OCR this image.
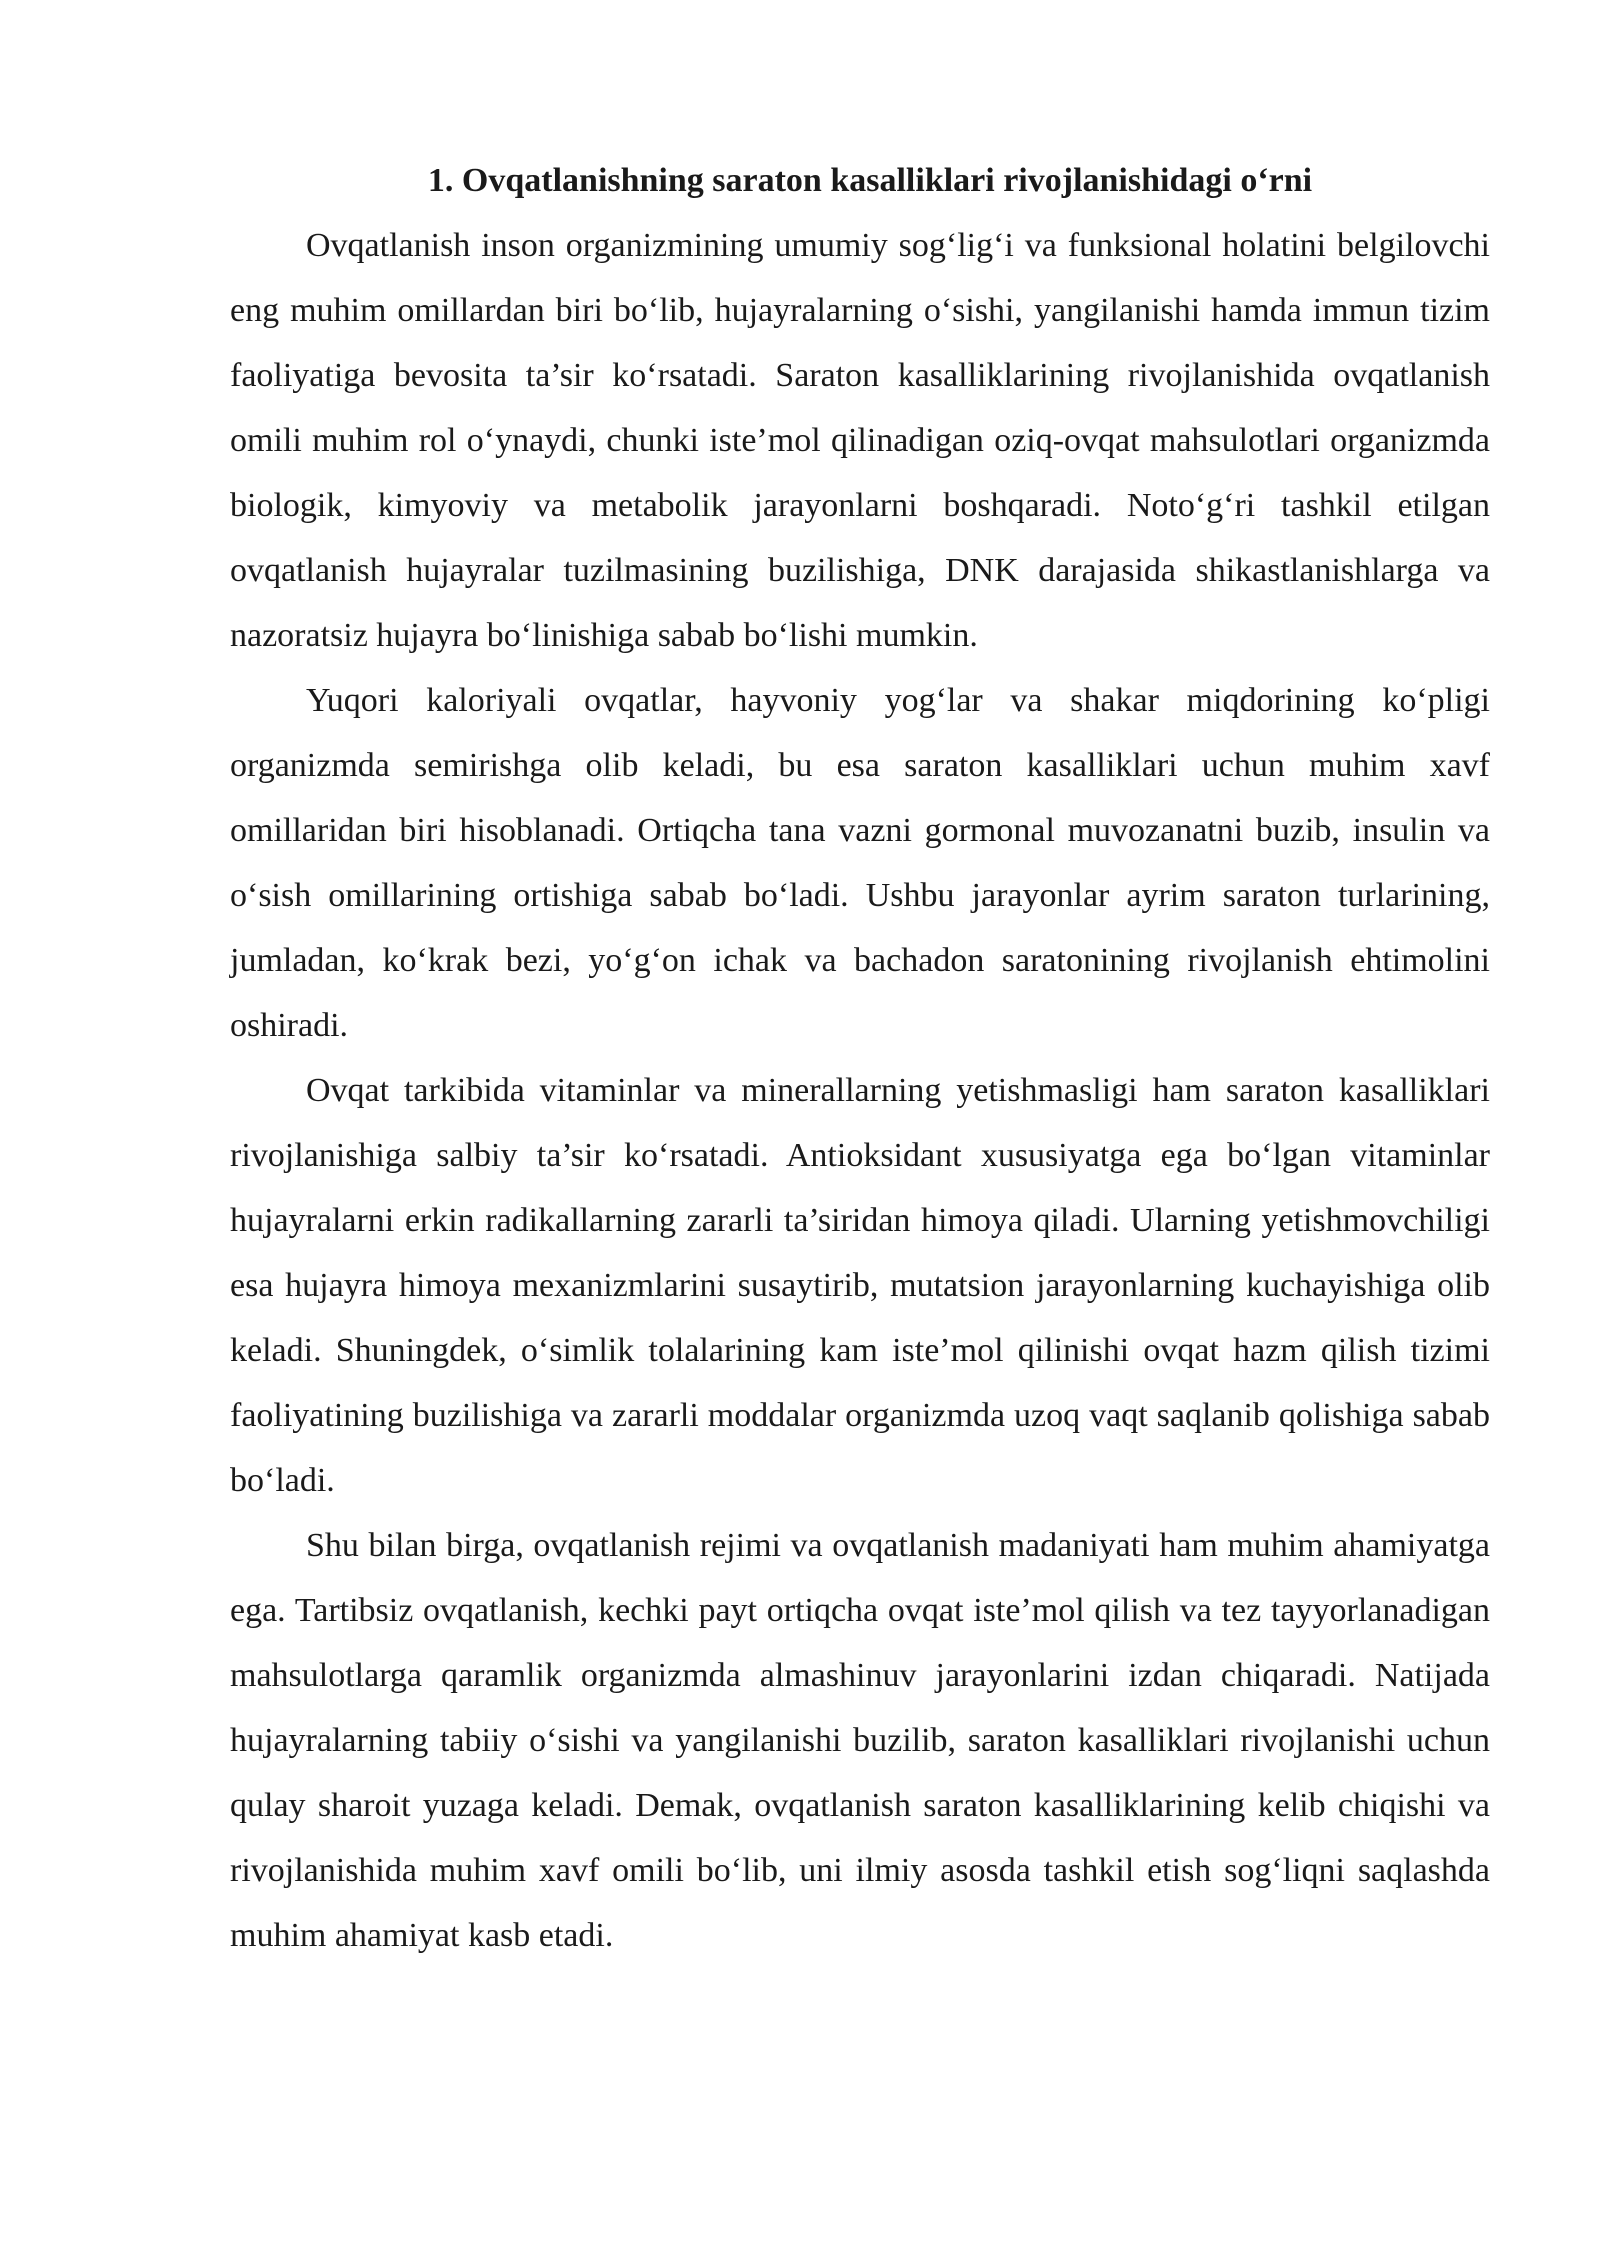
1. Ovqatlanishning saraton kasalliklari rivojlanishidagi o‘rni

Ovqatlanish inson organizmining umumiy sog‘lig‘i va funksional holatini belgilovchi eng muhim omillardan biri bo‘lib, hujayralarning o‘sishi, yangilanishi hamda immun tizim faoliyatiga bevosita ta’sir ko‘rsatadi. Saraton kasalliklarining rivojlanishida ovqatlanish omili muhim rol o‘ynaydi, chunki iste’mol qilinadigan oziq-ovqat mahsulotlari organizmda biologik, kimyoviy va metabolik jarayonlarni boshqaradi. Noto‘g‘ri tashkil etilgan ovqatlanish hujayralar tuzilmasining buzilishiga, DNK darajasida shikastlanishlarga va nazoratsiz hujayra bo‘linishiga sabab bo‘lishi mumkin.

Yuqori kaloriyali ovqatlar, hayvoniy yog‘lar va shakar miqdorining ko‘pligi organizmda semirishga olib keladi, bu esa saraton kasalliklari uchun muhim xavf omillaridan biri hisoblanadi. Ortiqcha tana vazni gormonal muvozanatni buzib, insulin va o‘sish omillarining ortishiga sabab bo‘ladi. Ushbu jarayonlar ayrim saraton turlarining, jumladan, ko‘krak bezi, yo‘g‘on ichak va bachadon saratonining rivojlanish ehtimolini oshiradi.

Ovqat tarkibida vitaminlar va minerallarning yetishmasligi ham saraton kasalliklari rivojlanishiga salbiy ta’sir ko‘rsatadi. Antioksidant xususiyatga ega bo‘lgan vitaminlar hujayralarni erkin radikallarning zararli ta’siridan himoya qiladi. Ularning yetishmovchiligi esa hujayra himoya mexanizmlarini susaytirib, mutatsion jarayonlarning kuchayishiga olib keladi. Shuningdek, o‘simlik tolalarining kam iste’mol qilinishi ovqat hazm qilish tizimi faoliyatining buzilishiga va zararli moddalar organizmda uzoq vaqt saqlanib qolishiga sabab bo‘ladi.

Shu bilan birga, ovqatlanish rejimi va ovqatlanish madaniyati ham muhim ahamiyatga ega. Tartibsiz ovqatlanish, kechki payt ortiqcha ovqat iste’mol qilish va tez tayyorlanadigan mahsulotlarga qaramlik organizmda almashinuv jarayonlarini izdan chiqaradi. Natijada hujayralarning tabiiy o‘sishi va yangilanishi buzilib, saraton kasalliklari rivojlanishi uchun qulay sharoit yuzaga keladi. Demak, ovqatlanish saraton kasalliklarining kelib chiqishi va rivojlanishida muhim xavf omili bo‘lib, uni ilmiy asosda tashkil etish sog‘liqni saqlashda muhim ahamiyat kasb etadi.
